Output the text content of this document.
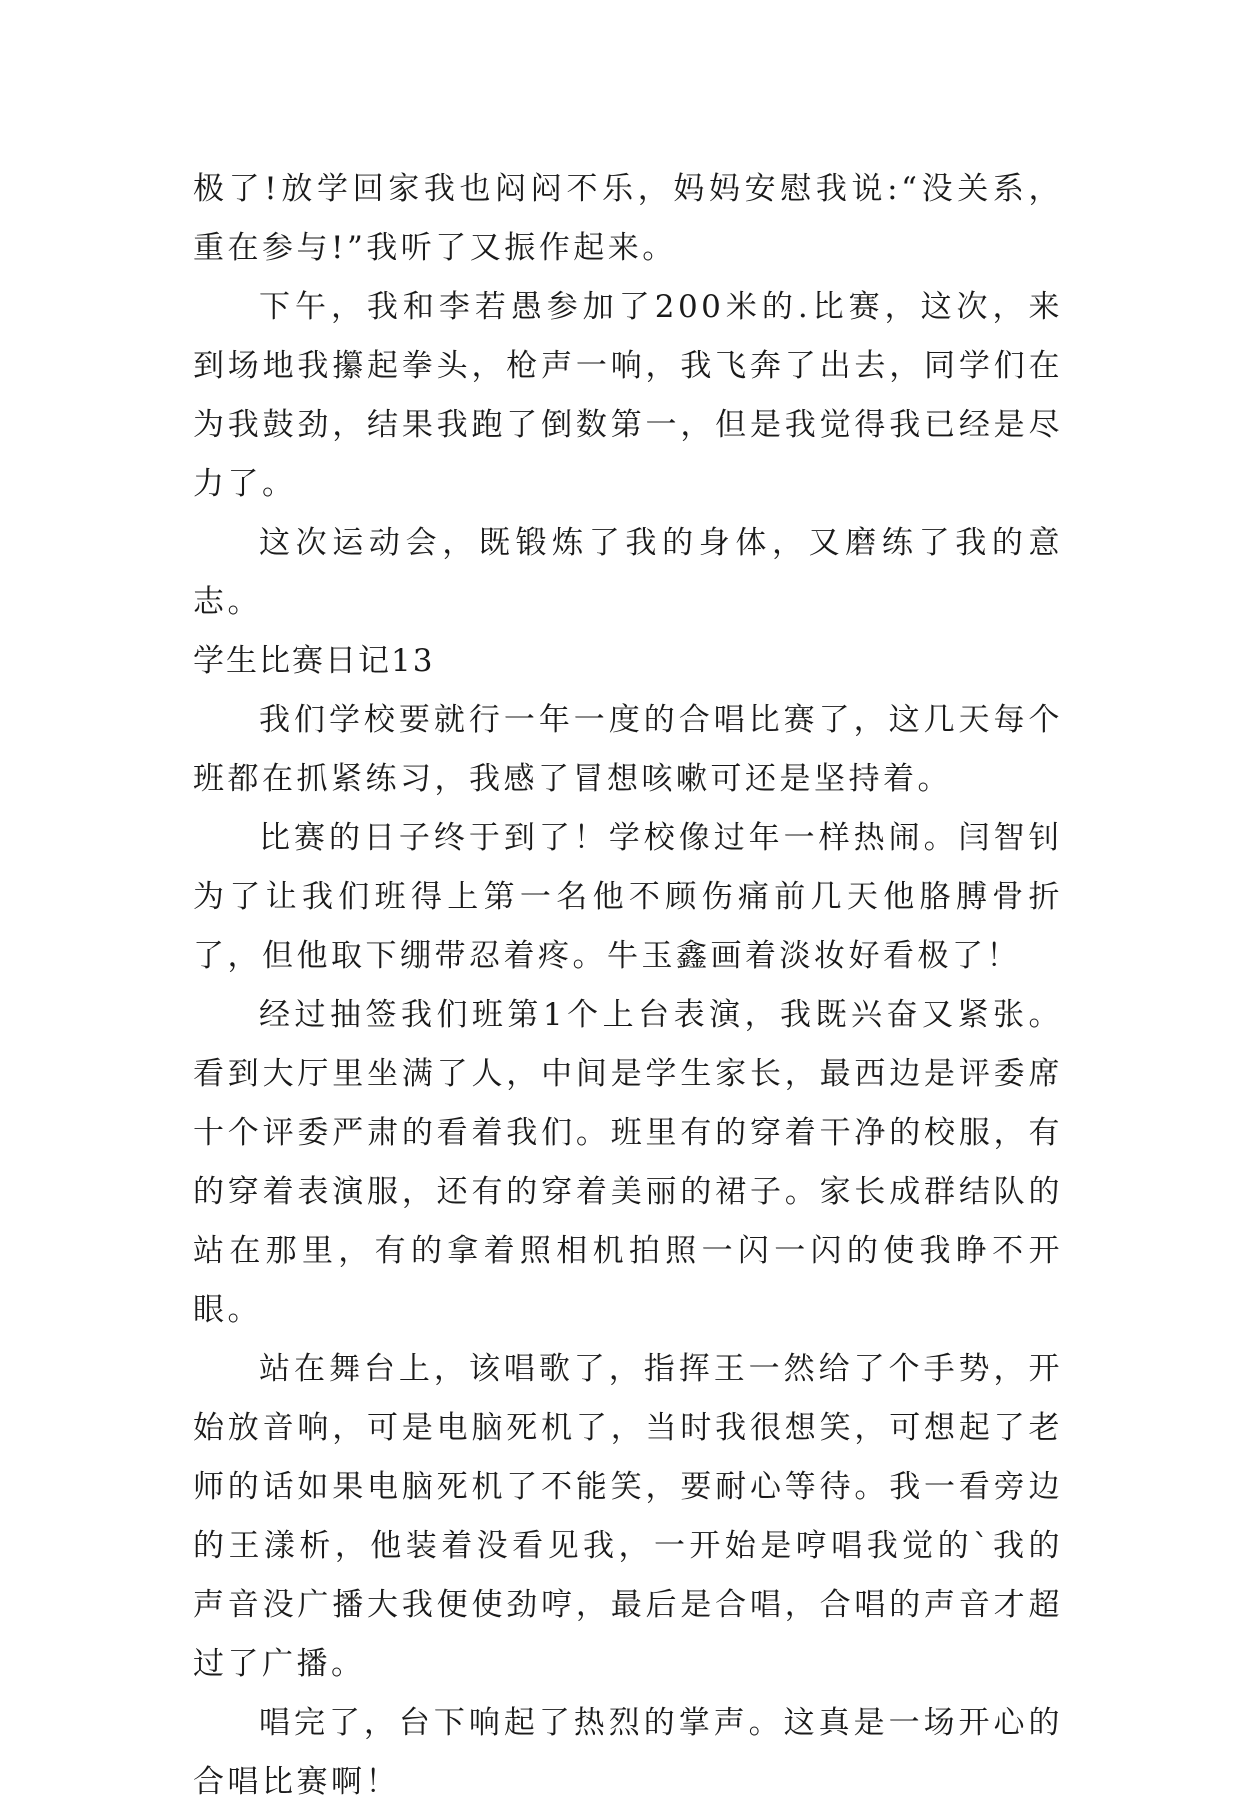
极了!放学回家我也闷闷不乐，妈妈安慰我说:“没关系，重在参与!”我听了又振作起来。

下午，我和李若愚参加了200米的.比赛，这次，来到场地我攥起拳头，枪声一响，我飞奔了出去，同学们在为我鼓劲，结果我跑了倒数第一，但是我觉得我已经是尽力了。

这次运动会，既锻炼了我的身体，又磨练了我的意志。

学生比赛日记13

我们学校要就行一年一度的合唱比赛了，这几天每个班都在抓紧练习，我感了冒想咳嗽可还是坚持着。

比赛的日子终于到了！学校像过年一样热闹。闫智钊为了让我们班得上第一名他不顾伤痛前几天他胳膊骨折了，但他取下绷带忍着疼。牛玉鑫画着淡妆好看极了！

经过抽签我们班第1个上台表演，我既兴奋又紧张。看到大厅里坐满了人，中间是学生家长，最西边是评委席十个评委严肃的看着我们。班里有的穿着干净的校服，有的穿着表演服，还有的穿着美丽的裙子。家长成群结队的站在那里，有的拿着照相机拍照一闪一闪的使我睁不开眼。

站在舞台上，该唱歌了，指挥王一然给了个手势，开始放音响，可是电脑死机了，当时我很想笑，可想起了老师的话如果电脑死机了不能笑，要耐心等待。我一看旁边的王漾析，他装着没看见我，一开始是哼唱我觉的`我的声音没广播大我便使劲哼，最后是合唱，合唱的声音才超过了广播。

唱完了，台下响起了热烈的掌声。这真是一场开心的合唱比赛啊！
